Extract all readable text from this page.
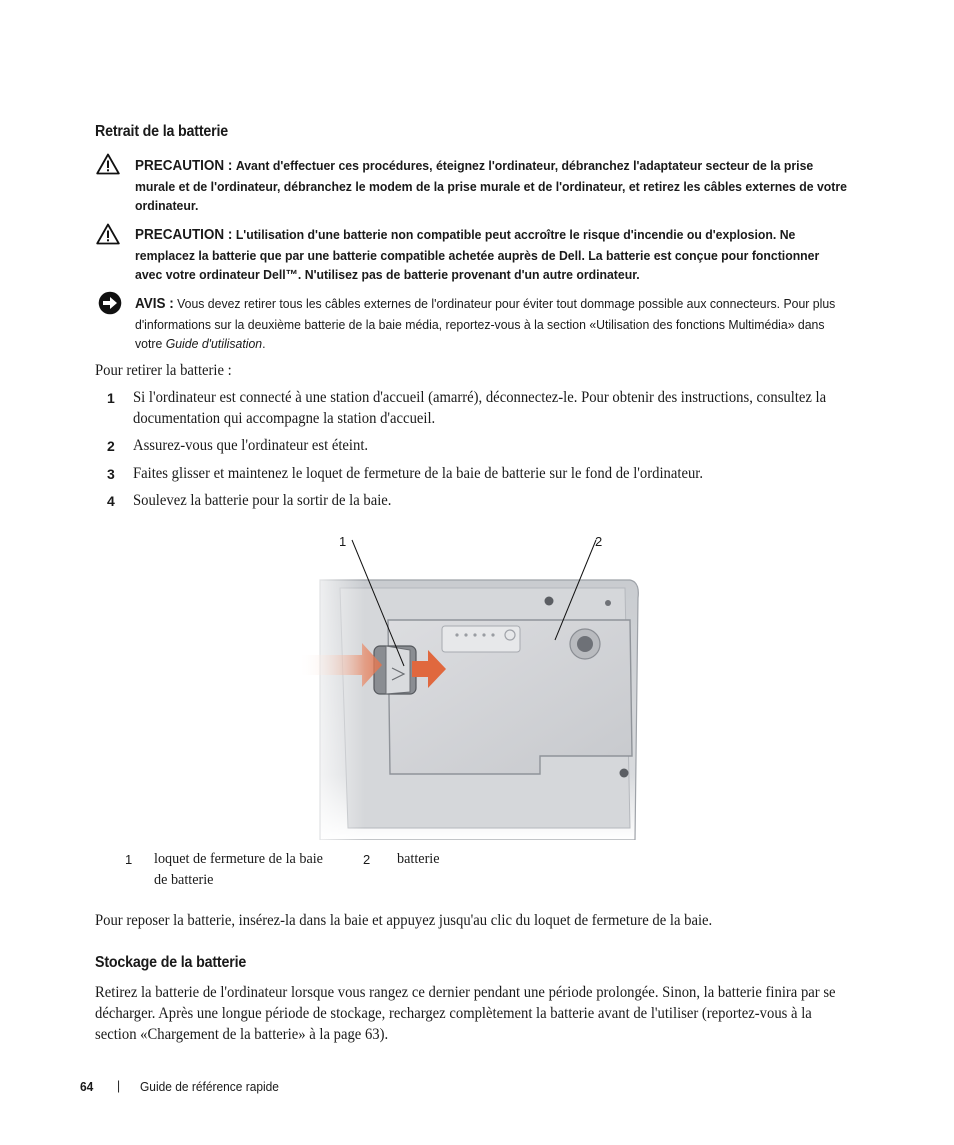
Retrait de la batterie
PRECAUTION : Avant d'effectuer ces procédures, éteignez l'ordinateur, débranchez l'adaptateur secteur de la prise murale et de l'ordinateur, débranchez le modem de la prise murale et de l'ordinateur, et retirez les câbles externes de votre ordinateur.
PRECAUTION : L'utilisation d'une batterie non compatible peut accroître le risque d'incendie ou d'explosion. Ne remplacez la batterie que par une batterie compatible achetée auprès de Dell. La batterie est conçue pour fonctionner avec votre ordinateur Dell™. N'utilisez pas de batterie provenant d'un autre ordinateur.
AVIS : Vous devez retirer tous les câbles externes de l'ordinateur pour éviter tout dommage possible aux connecteurs. Pour plus d'informations sur la deuxième batterie de la baie média, reportez-vous à la section «Utilisation des fonctions Multimédia» dans votre Guide d'utilisation.
Pour retirer la batterie :
1 Si l'ordinateur est connecté à une station d'accueil (amarré), déconnectez-le. Pour obtenir des instructions, consultez la documentation qui accompagne la station d'accueil.
2 Assurez-vous que l'ordinateur est éteint.
3 Faites glisser et maintenez le loquet de fermeture de la baie de batterie sur le fond de l'ordinateur.
4 Soulevez la batterie pour la sortir de la baie.
1	2
1 loquet de fermeture de la baie de batterie
2 batterie
Pour reposer la batterie, insérez-la dans la baie et appuyez jusqu'au clic du loquet de fermeture de la baie.
Stockage de la batterie
Retirez la batterie de l'ordinateur lorsque vous rangez ce dernier pendant une période prolongée. Sinon, la batterie finira par se décharger. Après une longue période de stockage, rechargez complètement la batterie avant de l'utiliser (reportez-vous à la section «Chargement de la batterie» à la page 63).
64 | Guide de référence rapide
